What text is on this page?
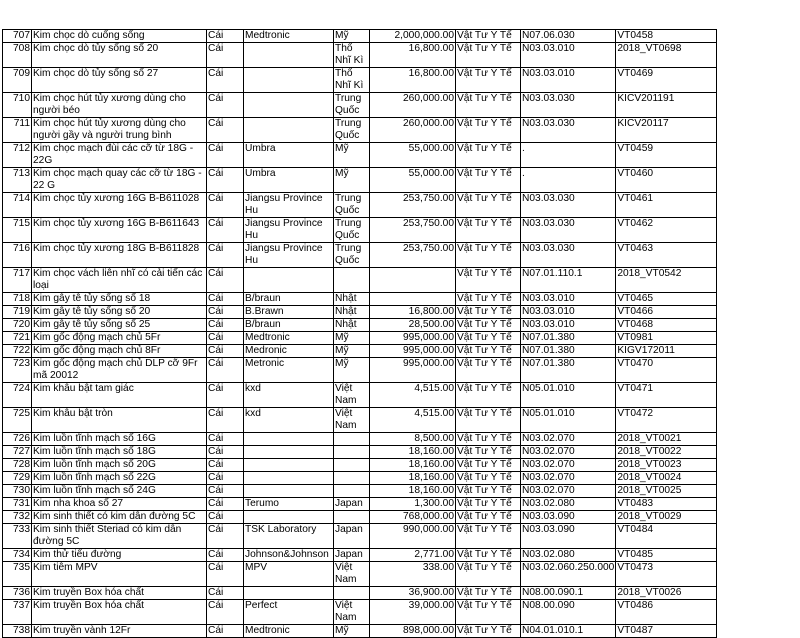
707	Kim chọc dò cuống sống	Cái	Medtronic	Mỹ	2,000,000.00	Vật Tư Y Tế	N07.06.030	VT0458
708	Kim chọc dò tủy sống số 20	Cái		Thổ Nhĩ Kì	16,800.00	Vật Tư Y Tế	N03.03.010	2018_VT0698
709	Kim chọc dò tủy sống số 27	Cái		Thổ Nhĩ Kì	16,800.00	Vật Tư Y Tế	N03.03.010	VT0469
710	Kim chọc hút tủy xương dùng cho người béo	Cái		Trung Quốc	260,000.00	Vật Tư Y Tế	N03.03.030	KICV201191
711	Kim chọc hút tủy xương dùng cho người gầy và người trung bình	Cái		Trung Quốc	260,000.00	Vật Tư Y Tế	N03.03.030	KICV20117
712	Kim chọc mạch đùi các cỡ từ 18G - 22G	Cái	Umbra	Mỹ	55,000.00	Vật Tư Y Tế	.	VT0459
713	Kim chọc mạch quay các cỡ từ 18G - 22 G	Cái	Umbra	Mỹ	55,000.00	Vật Tư Y Tế	.	VT0460
714	Kim chọc tủy xương 16G B-B611028	Cái	Jiangsu Province Hu	Trung Quốc	253,750.00	Vật Tư Y Tế	N03.03.030	VT0461
715	Kim chọc tủy xương 16G B-B611643	Cái	Jiangsu Province Hu	Trung Quốc	253,750.00	Vật Tư Y Tế	N03.03.030	VT0462
716	Kim chọc tủy xương 18G B-B611828	Cái	Jiangsu Province Hu	Trung Quốc	253,750.00	Vật Tư Y Tế	N03.03.030	VT0463
717	Kim chọc vách liên nhĩ có cải tiến các loại	Cái				Vật Tư Y Tế	N07.01.110.1	2018_VT0542
718	Kim gây tê tủy sống số 18	Cái	B/braun	Nhật		Vật Tư Y Tế	N03.03.010	VT0465
719	Kim gây tê tủy sống số 20	Cái	B.Brawn	Nhật	16,800.00	Vật Tư Y Tế	N03.03.010	VT0466
720	Kim gây tê tủy sống số 25	Cái	B/braun	Nhật	28,500.00	Vật Tư Y Tế	N03.03.010	VT0468
721	Kim gốc động mạch chủ 5Fr	Cái	Medtronic	Mỹ	995,000.00	Vật Tư Y Tế	N07.01.380	VT0981
722	Kim gốc động mạch chủ 8Fr	Cái	Medronic	Mỹ	995,000.00	Vật Tư Y Tế	N07.01.380	KIGV172011
723	Kim gốc động mạch chủ DLP cỡ 9Fr mã 20012	Cái	Metronic	Mỹ	995,000.00	Vật Tư Y Tế	N07.01.380	VT0470
724	Kim khâu bật tam giác	Cái	kxd	Việt Nam	4,515.00	Vật Tư Y Tế	N05.01.010	VT0471
725	Kim khâu bật tròn	Cái	kxd	Việt Nam	4,515.00	Vật Tư Y Tế	N05.01.010	VT0472
726	Kim luồn tĩnh mạch số 16G	Cái			8,500.00	Vật Tư Y Tế	N03.02.070	2018_VT0021
727	Kim luồn tĩnh mạch số 18G	Cái			18,160.00	Vật Tư Y Tế	N03.02.070	2018_VT0022
728	Kim luồn tĩnh mạch số 20G	Cái			18,160.00	Vật Tư Y Tế	N03.02.070	2018_VT0023
729	Kim luồn tĩnh mạch số 22G	Cái			18,160.00	Vật Tư Y Tế	N03.02.070	2018_VT0024
730	Kim luồn tĩnh mạch số 24G	Cái			18,160.00	Vật Tư Y Tế	N03.02.070	2018_VT0025
731	Kim nha khoa số 27	Cái	Terumo	Japan	1,300.00	Vật Tư Y Tế	N03.02.080	VT0483
732	Kim sinh thiết có kim dẫn đường 5C	Cái			768,000.00	Vật Tư Y Tế	N03.03.090	2018_VT0029
733	Kim sinh thiết Steriad có kim dẫn đường 5C	Cái	TSK Laboratory	Japan	990,000.00	Vật Tư Y Tế	N03.03.090	VT0484
734	Kim thử tiểu đường	Cái	Johnson&Johnson	Japan	2,771.00	Vật Tư Y Tế	N03.02.080	VT0485
735	Kim tiêm MPV	Cái	MPV	Việt Nam	338.00	Vật Tư Y Tế	N03.02.060.250.000	VT0473
736	Kim truyền Box hóa chất	Cái			36,900.00	Vật Tư Y Tế	N08.00.090.1	2018_VT0026
737	Kim truyền Box hóa chất	Cái	Perfect	Việt Nam	39,000.00	Vật Tư Y Tế	N08.00.090	VT0486
738	Kim truyền vành 12Fr	Cái	Medtronic	Mỹ	898,000.00	Vật Tư Y Tế	N04.01.010.1	VT0487
